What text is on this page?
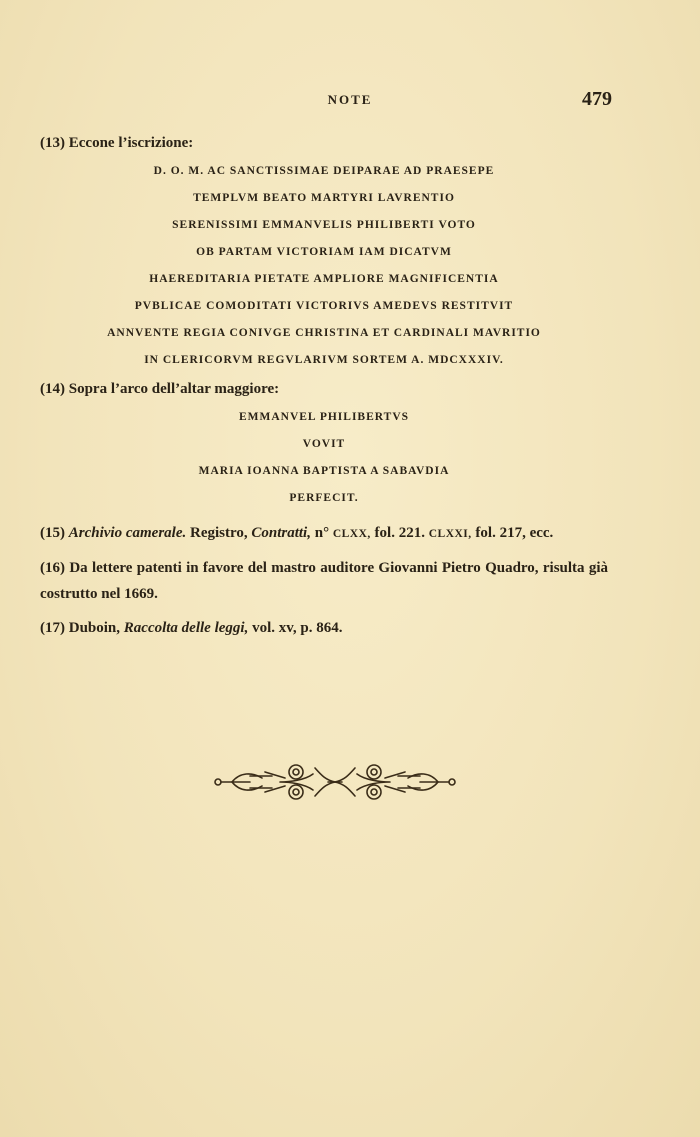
NOTE	479
(13) Eccone l’iscrizione:
D. O. M. AC SANCTISSIMAE DEIPARAE AD PRAESEPE
TEMPLVM BEATO MARTYRI LAVRENTIO
SERENISSIMI EMMANVELIS PHILIBERTI VOTO
OB PARTAM VICTORIAM IAM DICATVM
HAEREDITARIA PIETATE AMPLIORE MAGNIFICENTIA
PVBLICAE COMODITATI VICTORIVS AMEDEVS RESTITVIT
ANNVENTE REGIA CONIVGE CHRISTINA ET CARDINALI MAVRITIO
IN CLERICORVM REGVLARIVM SORTEM A. MDCXXXIV.
(14) Sopra l’arco dell’altar maggiore:
EMMANVEL PHILIBERTVS
VOVIT
MARIA IOANNA BAPTISTA A SABAVDIA
PERFECIT.
(15) Archivio camerale. Registro, Contratti, n° CLXX, fol. 221. CLXXI, fol. 217, ecc.
(16) Da lettere patenti in favore del mastro auditore Giovanni Pietro Quadro, risulta già costrutto nel 1669.
(17) Duboin, Raccolta delle leggi, vol. xv, p. 864.
